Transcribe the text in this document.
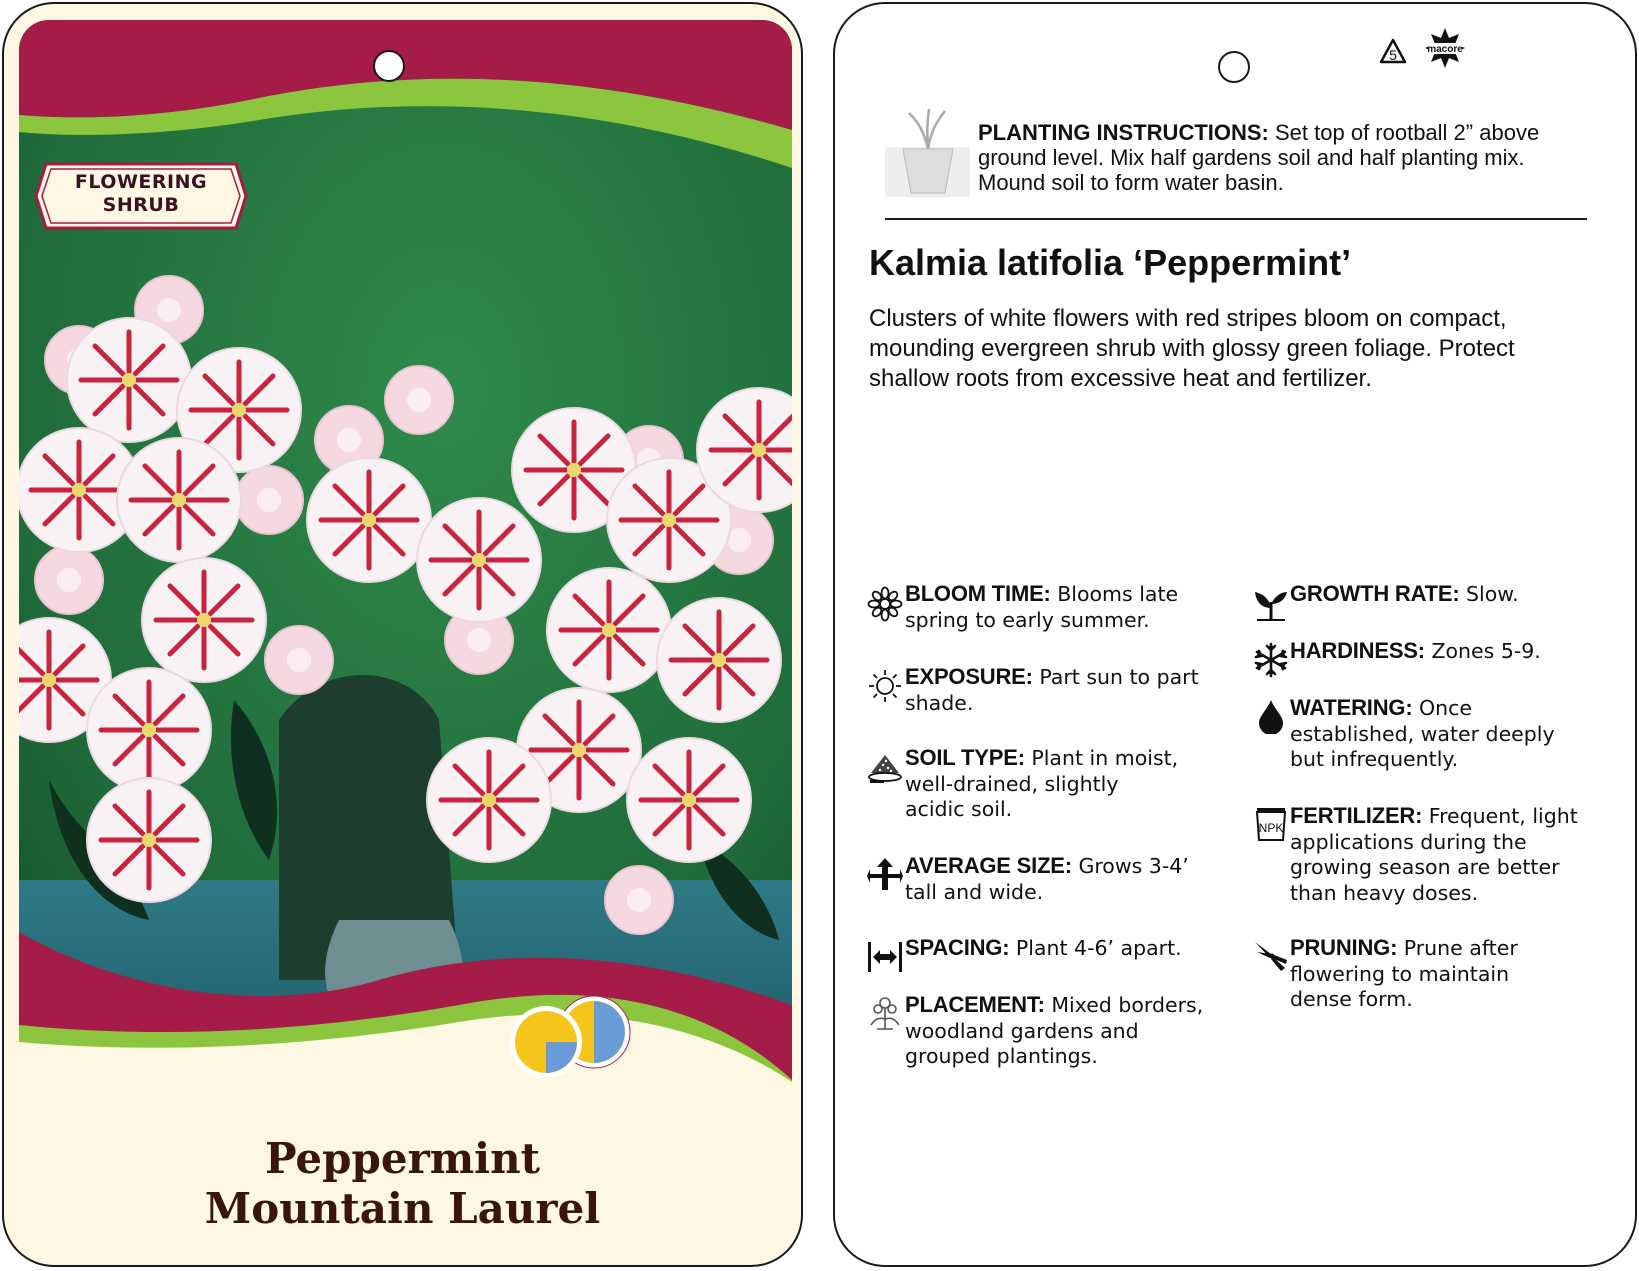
FLOWERING
SHRUB
Peppermint
Mountain Laurel
5	macore
PLANTING INSTRUCTIONS: Set top of rootball 2” above
ground level. Mix half gardens soil and half planting mix.
Mound soil to form water basin.
Kalmia latifolia ‘Peppermint’
Clusters of white flowers with red stripes bloom on compact,
mounding evergreen shrub with glossy green foliage. Protect
shallow roots from excessive heat and fertilizer.
BLOOM TIME: Blooms late
spring to early summer.
EXPOSURE: Part sun to part
shade.
SOIL TYPE: Plant in moist,
well-drained, slightly
acidic soil.
AVERAGE SIZE: Grows 3-4’
tall and wide.
SPACING: Plant 4-6’ apart.
PLACEMENT: Mixed borders,
woodland gardens and
grouped plantings.
GROWTH RATE: Slow.
HARDINESS: Zones 5-9.
WATERING: Once
established, water deeply
but infrequently.
NPK FERTILIZER: Frequent, light
applications during the
growing season are better
than heavy doses.
PRUNING: Prune after
flowering to maintain
dense form.
